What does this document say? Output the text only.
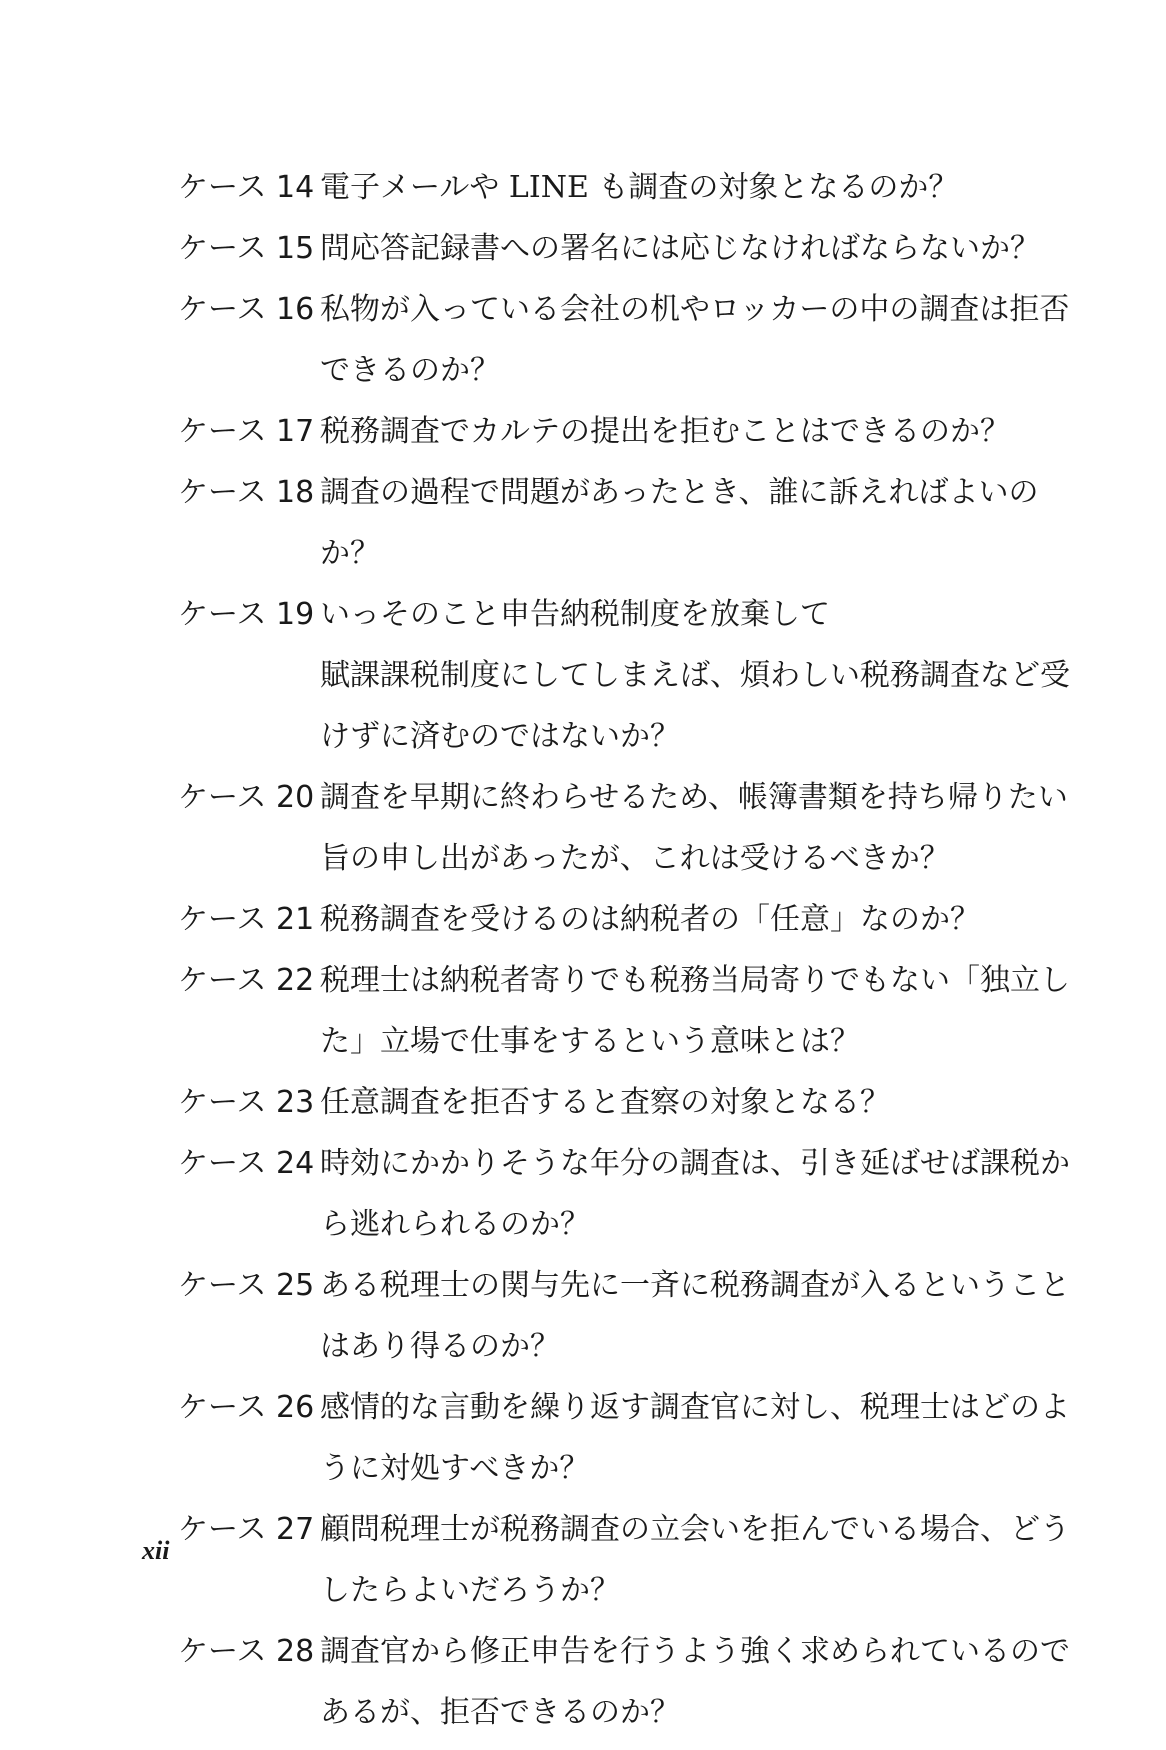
ケース 14 電子メールや LINE も調査の対象となるのか？
ケース 15 問応答記録書への署名には応じなければならないか？
ケース 16 私物が入っている会社の机やロッカーの中の調査は拒否
できるのか？
ケース 17 税務調査でカルテの提出を拒むことはできるのか？
ケース 18 調査の過程で問題があったとき、誰に訴えればよいの
か？
ケース 19 いっそのこと申告納税制度を放棄して
賦課課税制度にしてしまえば、煩わしい税務調査など受
けずに済むのではないか？
ケース 20 調査を早期に終わらせるため、帳簿書類を持ち帰りたい
旨の申し出があったが、これは受けるべきか？
ケース 21 税務調査を受けるのは納税者の「任意」なのか？
ケース 22 税理士は納税者寄りでも税務当局寄りでもない「独立し
た」立場で仕事をするという意味とは？
ケース 23 任意調査を拒否すると査察の対象となる？
ケース 24 時効にかかりそうな年分の調査は、引き延ばせば課税か
ら逃れられるのか？
ケース 25 ある税理士の関与先に一斉に税務調査が入るということ
はあり得るのか？
ケース 26 感情的な言動を繰り返す調査官に対し、税理士はどのよ
うに対処すべきか？
ケース 27 顧問税理士が税務調査の立会いを拒んでいる場合、どう
したらよいだろうか？
ケース 28 調査官から修正申告を行うよう強く求められているので
あるが、拒否できるのか？
xii
